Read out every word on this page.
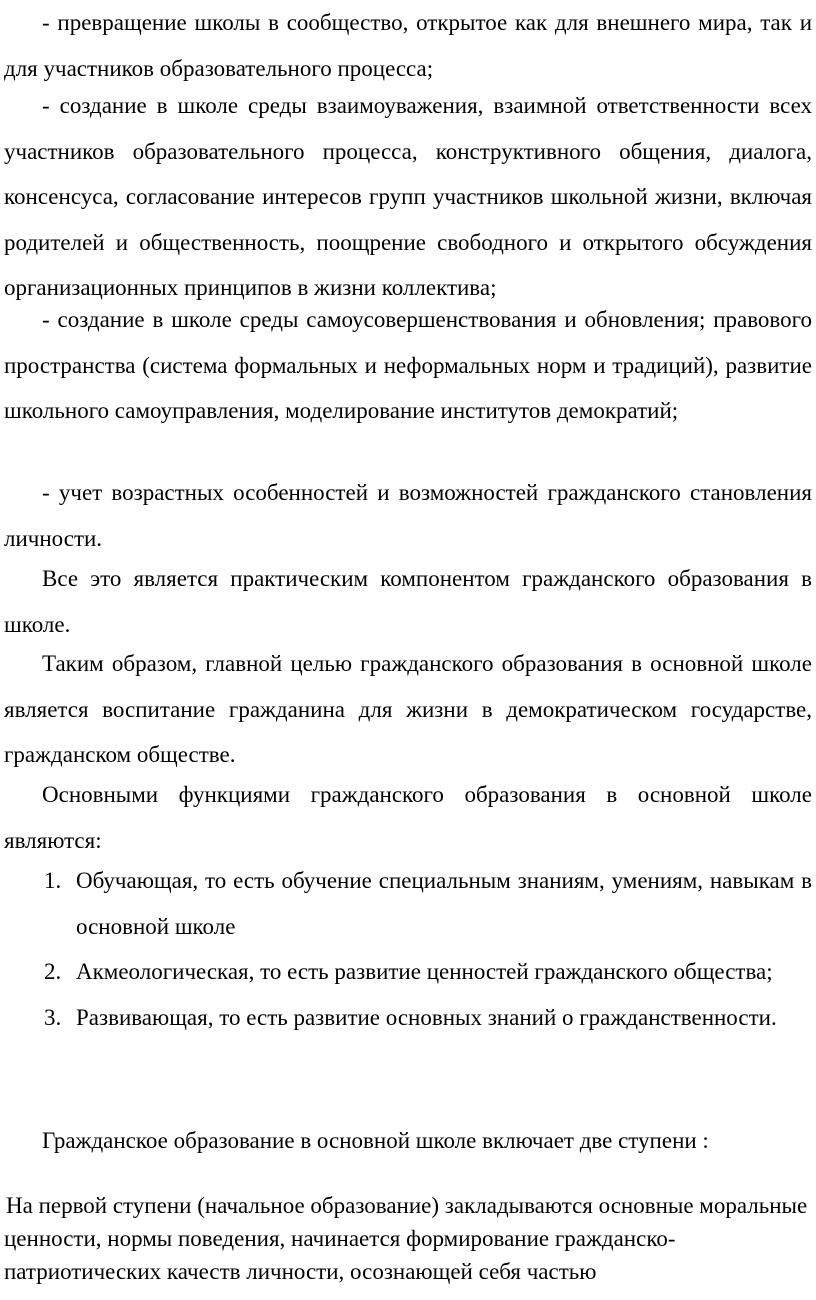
- превращение школы в сообщество, открытое как для внешнего мира, так и для участников образовательного процесса;

- создание в школе среды взаимоуважения, взаимной ответственности всех участников образовательного процесса, конструктивного общения, диалога, консенсуса, согласование интересов групп участников школьной жизни, включая родителей и общественность, поощрение свободного и открытого обсуждения организационных принципов в жизни коллектива;

- создание в школе среды самоусовершенствования и обновления; правового пространства (система формальных и неформальных норм и традиций), развитие школьного самоуправления, моделирование институтов демократий;

- учет возрастных особенностей и возможностей гражданского становления личности.

Все это является практическим компонентом гражданского образования в школе.

Таким образом, главной целью гражданского образования в основной школе является воспитание гражданина для жизни в демократическом государстве, гражданском обществе.

Основными функциями гражданского образования в основной школе являются:

1. Обучающая, то есть обучение специальным знаниям, умениям, навыкам в основной школе
2. Акмеологическая, то есть развитие ценностей гражданского общества;
3. Развивающая, то есть развитие основных знаний о гражданственности.

Гражданское образование в основной школе включает две ступени :

На первой ступени (начальное образование) закладываются основные моральные ценности, нормы поведения, начинается формирование гражданско-патриотических качеств личности, осознающей себя частью
